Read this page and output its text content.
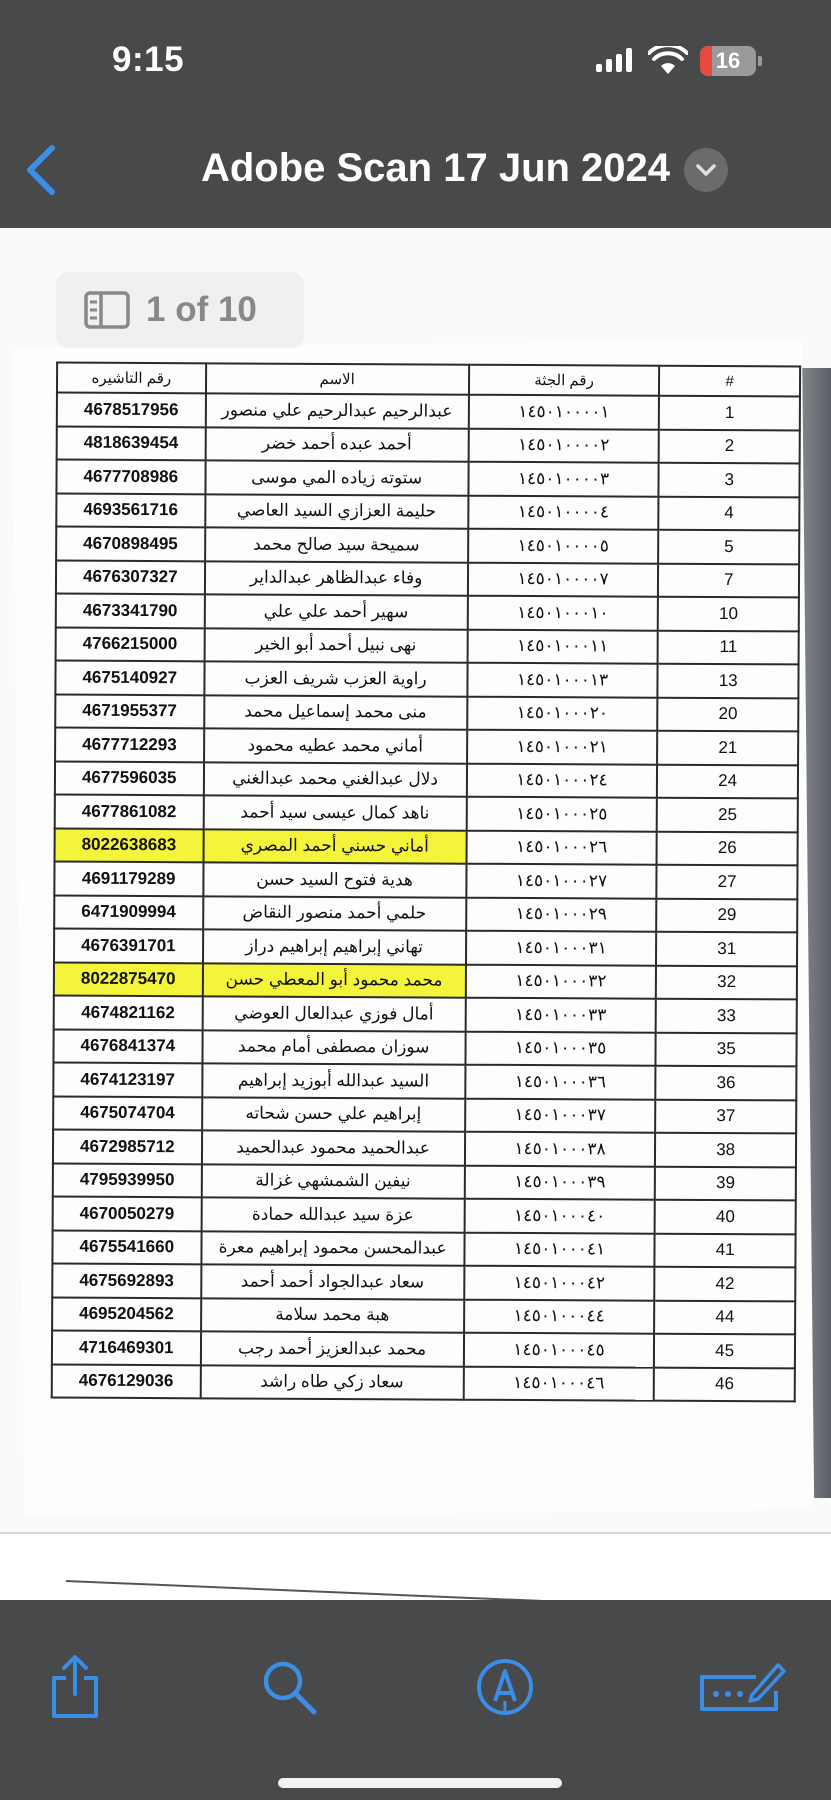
9:15	16
Adobe Scan 17 Jun 2024
رقم التاشيره	الاسم	رقم الجثة	#
4678517956	عبدالرحيم عبدالرحيم علي منصور	١٤٥٠١٠٠٠٠١	1
4818639454	أحمد عبده أحمد خضر	١٤٥٠١٠٠٠٠٢	2
4677708986	ستوته زياده المي موسى	١٤٥٠١٠٠٠٠٣	3
4693561716	حليمة العزازي السيد العاصي	١٤٥٠١٠٠٠٠٤	4
4670898495	سميحة سيد صالح محمد	١٤٥٠١٠٠٠٠٥	5
4676307327	وفاء عبدالظاهر عبدالداير	١٤٥٠١٠٠٠٠٧	7
4673341790	سهير أحمد علي علي	١٤٥٠١٠٠٠١٠	10
4766215000	نهى نبيل أحمد أبو الخير	١٤٥٠١٠٠٠١١	11
4675140927	راوية العزب شريف العزب	١٤٥٠١٠٠٠١٣	13
4671955377	منى محمد إسماعيل محمد	١٤٥٠١٠٠٠٢٠	20
4677712293	أماني محمد عطيه محمود	١٤٥٠١٠٠٠٢١	21
4677596035	دلال عبدالغني محمد عبدالغني	١٤٥٠١٠٠٠٢٤	24
4677861082	ناهد كمال عيسى سيد أحمد	١٤٥٠١٠٠٠٢٥	25
8022638683	أماني حسني أحمد المصري	١٤٥٠١٠٠٠٢٦	26
4691179289	هدية فتوح السيد حسن	١٤٥٠١٠٠٠٢٧	27
6471909994	حلمي أحمد منصور النقاض	١٤٥٠١٠٠٠٢٩	29
4676391701	تهاني إبراهيم إبراهيم دراز	١٤٥٠١٠٠٠٣١	31
8022875470	محمد محمود أبو المعطي حسن	١٤٥٠١٠٠٠٣٢	32
4674821162	أمال فوزي عبدالعال العوضي	١٤٥٠١٠٠٠٣٣	33
4676841374	سوزان مصطفى أمام محمد	١٤٥٠١٠٠٠٣٥	35
4674123197	السيد عبدالله أبوزيد إبراهيم	١٤٥٠١٠٠٠٣٦	36
4675074704	إبراهيم علي حسن شحاته	١٤٥٠١٠٠٠٣٧	37
4672985712	عبدالحميد محمود عبدالحميد	١٤٥٠١٠٠٠٣٨	38
4795939950	نيفين الشمشهي غزالة	١٤٥٠١٠٠٠٣٩	39
4670050279	عزة سيد عبدالله حمادة	١٤٥٠١٠٠٠٤٠	40
4675541660	عبدالمحسن محمود إبراهيم معرة	١٤٥٠١٠٠٠٤١	41
4675692893	سعاد عبدالجواد أحمد أحمد	١٤٥٠١٠٠٠٤٢	42
4695204562	هبة محمد سلامة	١٤٥٠١٠٠٠٤٤	44
4716469301	محمد عبدالعزيز أحمد رجب	١٤٥٠١٠٠٠٤٥	45
4676129036	سعاد زكي طاه راشد	١٤٥٠١٠٠٠٤٦	46
1 of 10
